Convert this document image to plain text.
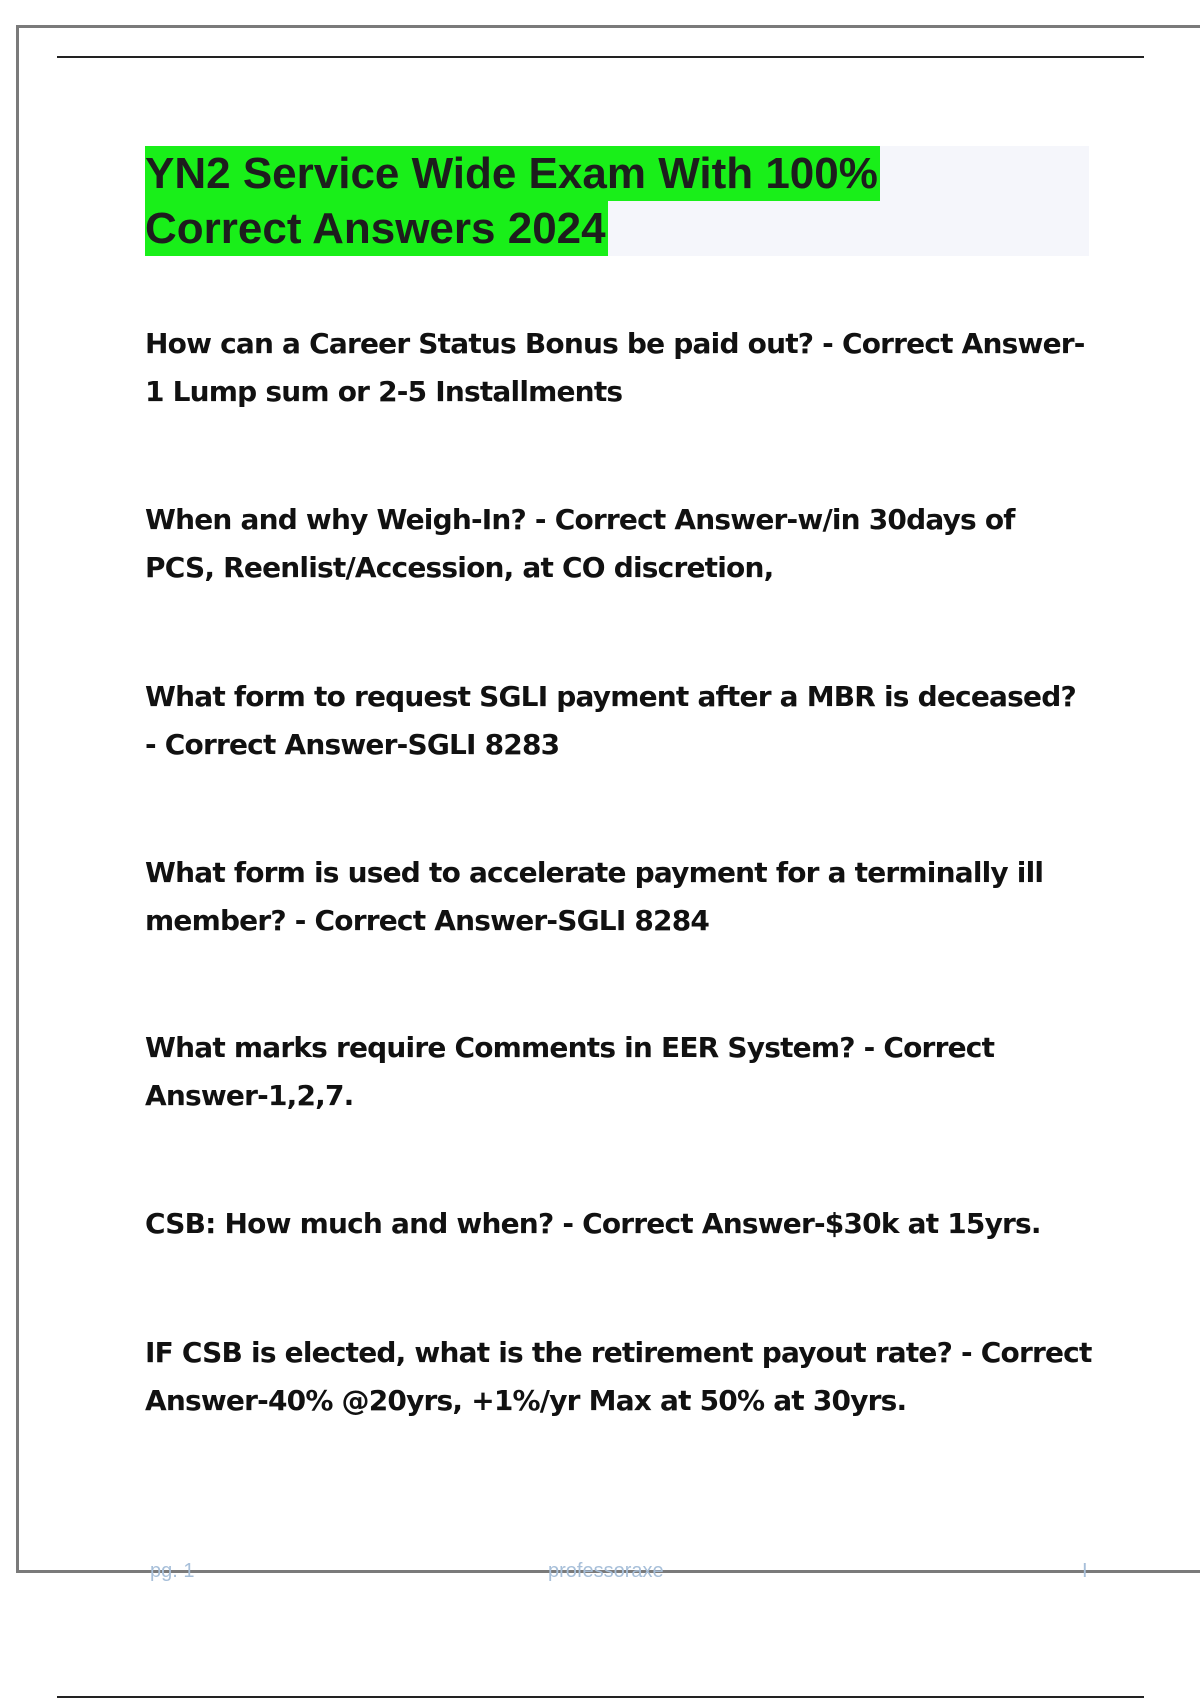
YN2 Service Wide Exam With 100%
Correct Answers 2024

How can a Career Status Bonus be paid out? - Correct Answer-
1 Lump sum or 2-5 Installments

When and why Weigh-In? - Correct Answer-w/in 30days of
PCS, Reenlist/Accession, at CO discretion,

What form to request SGLI payment after a MBR is deceased?
- Correct Answer-SGLI 8283

What form is used to accelerate payment for a terminally ill
member? - Correct Answer-SGLI 8284

What marks require Comments in EER System? - Correct
Answer-1,2,7.

CSB: How much and when? - Correct Answer-$30k at 15yrs.

IF CSB is elected, what is the retirement payout rate? - Correct
Answer-40% @20yrs, +1%/yr Max at 50% at 30yrs.

pg. 1	professoraxe	I
